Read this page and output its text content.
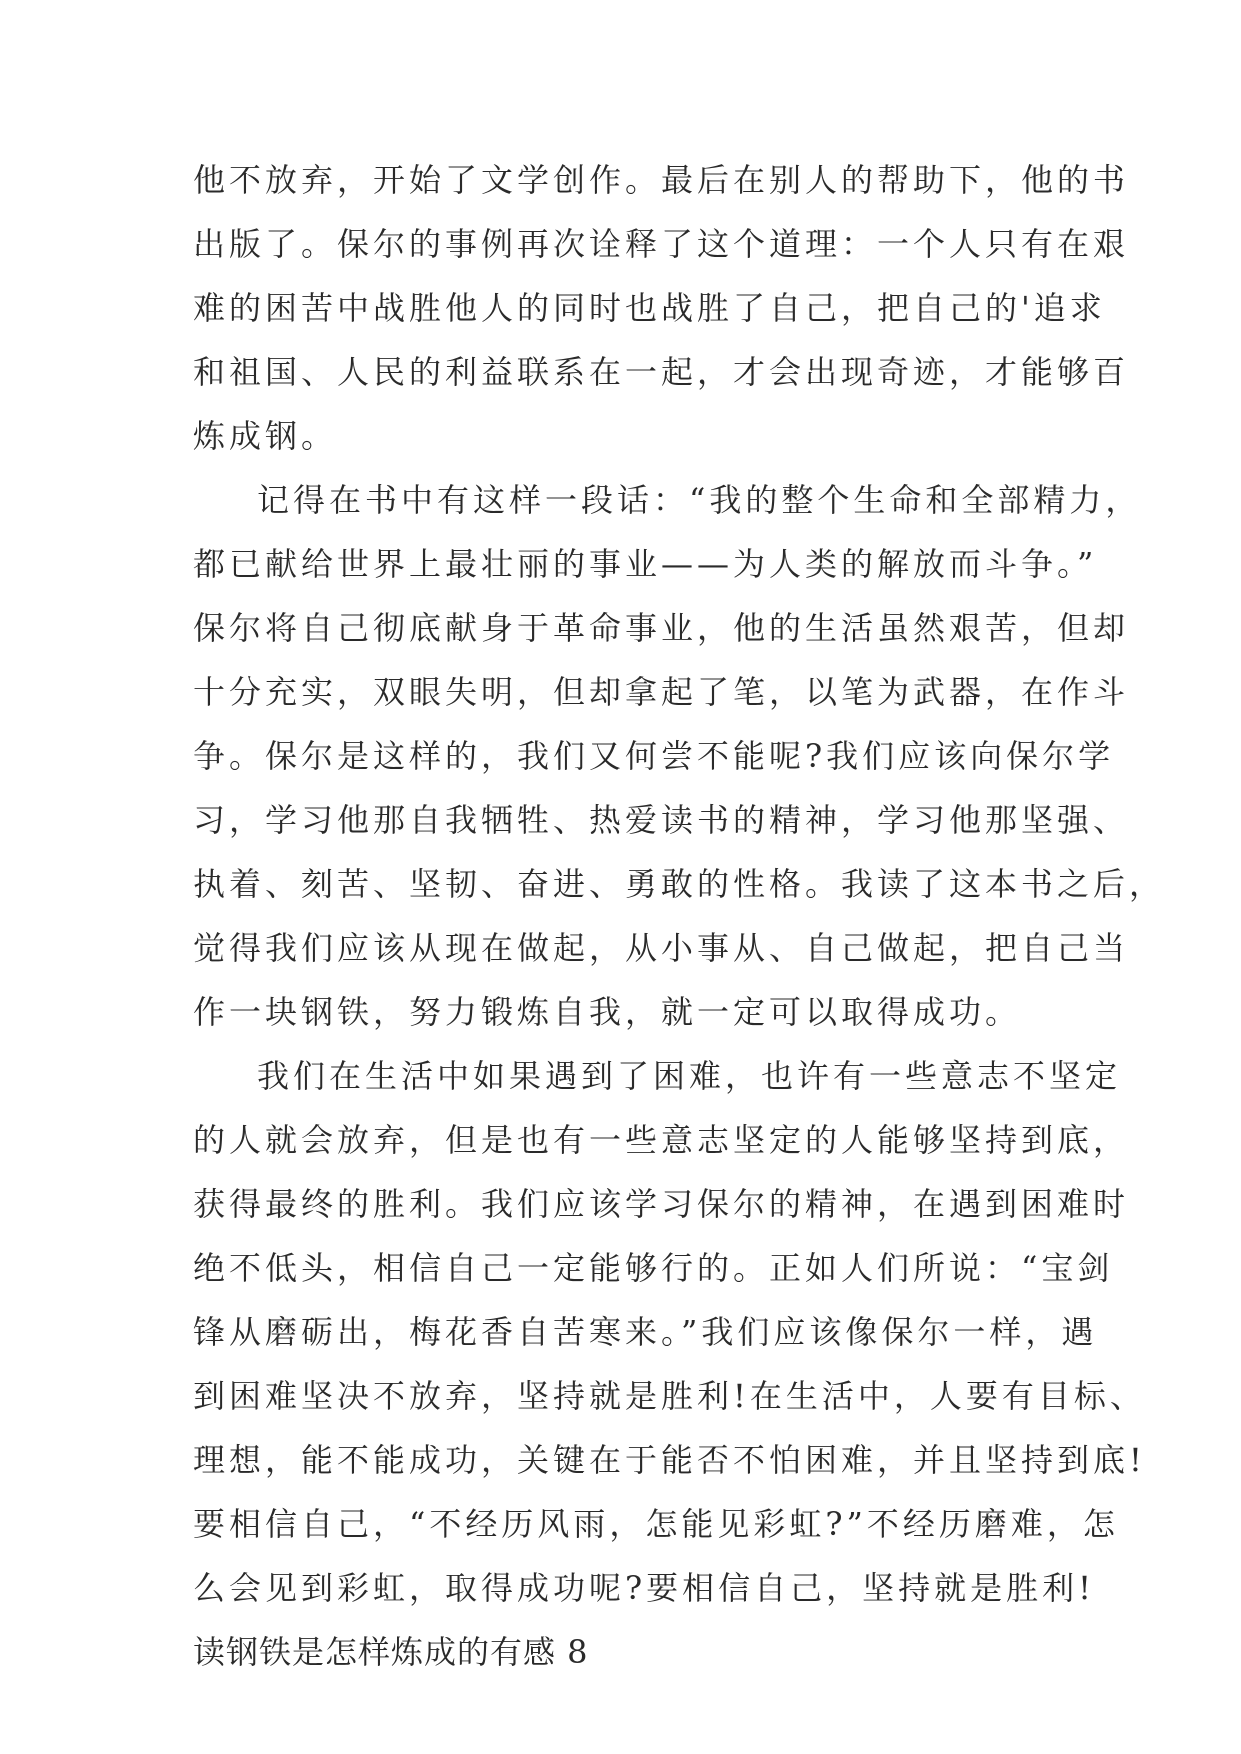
他不放弃，开始了文学创作。最后在别人的帮助下，他的书
出版了。保尔的事例再次诠释了这个道理：一个人只有在艰
难的困苦中战胜他人的同时也战胜了自己，把自己的'追求
和祖国、人民的利益联系在一起，才会出现奇迹，才能够百
炼成钢。
记得在书中有这样一段话：“我的整个生命和全部精力，
都已献给世界上最壮丽的事业——为人类的解放而斗争。”
保尔将自己彻底献身于革命事业，他的生活虽然艰苦，但却
十分充实，双眼失明，但却拿起了笔，以笔为武器，在作斗
争。保尔是这样的，我们又何尝不能呢?我们应该向保尔学
习，学习他那自我牺牲、热爱读书的精神，学习他那坚强、
执着、刻苦、坚韧、奋进、勇敢的性格。我读了这本书之后，
觉得我们应该从现在做起，从小事从、自己做起，把自己当
作一块钢铁，努力锻炼自我，就一定可以取得成功。
我们在生活中如果遇到了困难，也许有一些意志不坚定
的人就会放弃，但是也有一些意志坚定的人能够坚持到底，
获得最终的胜利。我们应该学习保尔的精神，在遇到困难时
绝不低头，相信自己一定能够行的。正如人们所说：“宝剑
锋从磨砺出，梅花香自苦寒来。”我们应该像保尔一样，遇
到困难坚决不放弃，坚持就是胜利!在生活中，人要有目标、
理想，能不能成功，关键在于能否不怕困难，并且坚持到底!
要相信自己，“不经历风雨，怎能见彩虹?”不经历磨难，怎
么会见到彩虹，取得成功呢?要相信自己，坚持就是胜利!
读钢铁是怎样炼成的有感 8
